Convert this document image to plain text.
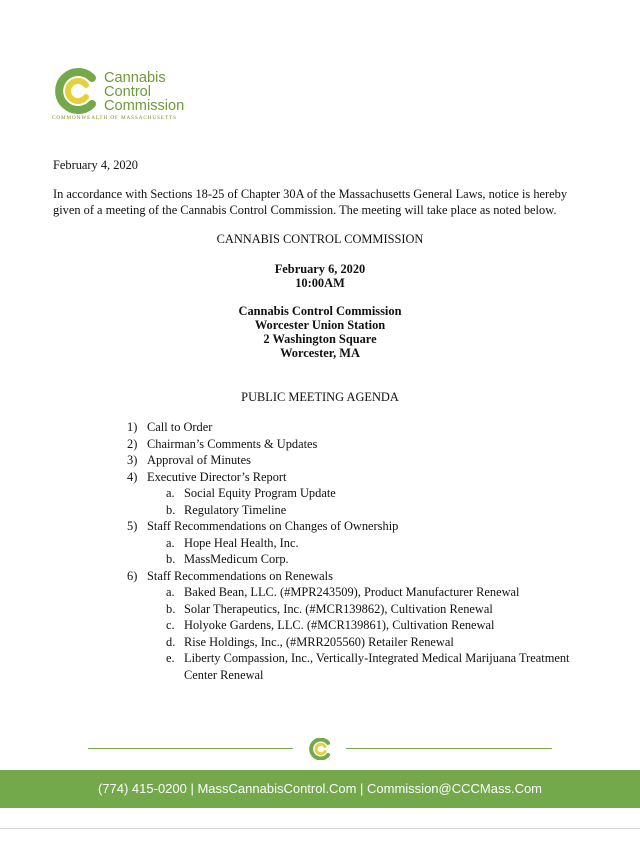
Cannabis
Control
Commission
COMMONWEALTH OF MASSACHUSETTS
February 4, 2020
In accordance with Sections 18-25 of Chapter 30A of the Massachusetts General Laws, notice is hereby given of a meeting of the Cannabis Control Commission. The meeting will take place as noted below.
CANNABIS CONTROL COMMISSION
February 6, 2020
10:00AM
Cannabis Control Commission
Worcester Union Station
2 Washington Square
Worcester, MA
PUBLIC MEETING AGENDA
1) Call to Order
2) Chairman’s Comments & Updates
3) Approval of Minutes
4) Executive Director’s Report
a. Social Equity Program Update
b. Regulatory Timeline
5) Staff Recommendations on Changes of Ownership
a. Hope Heal Health, Inc.
b. MassMedicum Corp.
6) Staff Recommendations on Renewals
a. Baked Bean, LLC. (#MPR243509), Product Manufacturer Renewal
b. Solar Therapeutics, Inc. (#MCR139862), Cultivation Renewal
c. Holyoke Gardens, LLC. (#MCR139861), Cultivation Renewal
d. Rise Holdings, Inc., (#MRR205560) Retailer Renewal
e. Liberty Compassion, Inc., Vertically-Integrated Medical Marijuana Treatment Center Renewal
(774) 415-0200 | MassCannabisControl.Com | Commission@CCCMass.Com
